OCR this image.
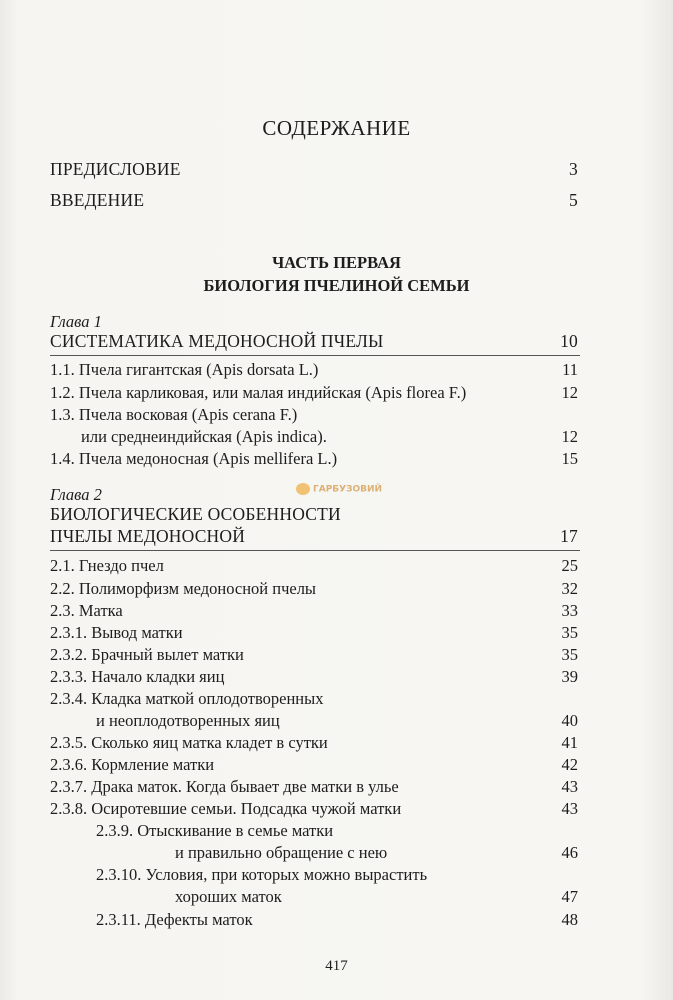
СОДЕРЖАНИЕ
ПРЕДИСЛОВИЕ	3
ВВЕДЕНИЕ	5
ЧАСТЬ ПЕРВАЯ
БИОЛОГИЯ ПЧЕЛИНОЙ СЕМЬИ
Глава 1
СИСТЕМАТИКА МЕДОНОСНОЙ ПЧЕЛЫ	10
1.1. Пчела гигантская (Apis dorsata L.)	11
1.2. Пчела карликовая, или малая индийская (Apis florea F.)	12
1.3. Пчела восковая (Apis cerana F.)
или среднеиндийская (Apis indica).	12
1.4. Пчела медоносная (Apis mellifera L.)	15
Глава 2	ГАРБУЗОВИЙ
БИОЛОГИЧЕСКИЕ ОСОБЕННОСТИ
ПЧЕЛЫ МЕДОНОСНОЙ	17
2.1. Гнездо пчел	25
2.2. Полиморфизм медоносной пчелы	32
2.3. Матка	33
2.3.1. Вывод матки	35
2.3.2. Брачный вылет матки	35
2.3.3. Начало кладки яиц	39
2.3.4. Кладка маткой оплодотворенных
и неоплодотворенных яиц	40
2.3.5. Сколько яиц матка кладет в сутки	41
2.3.6. Кормление матки	42
2.3.7. Драка маток. Когда бывает две матки в улье	43
2.3.8. Осиротевшие семьи. Подсадка чужой матки	43
2.3.9. Отыскивание в семье матки
и правильно обращение с нею	46
2.3.10. Условия, при которых можно вырастить
хороших маток	47
2.3.11. Дефекты маток	48
417
